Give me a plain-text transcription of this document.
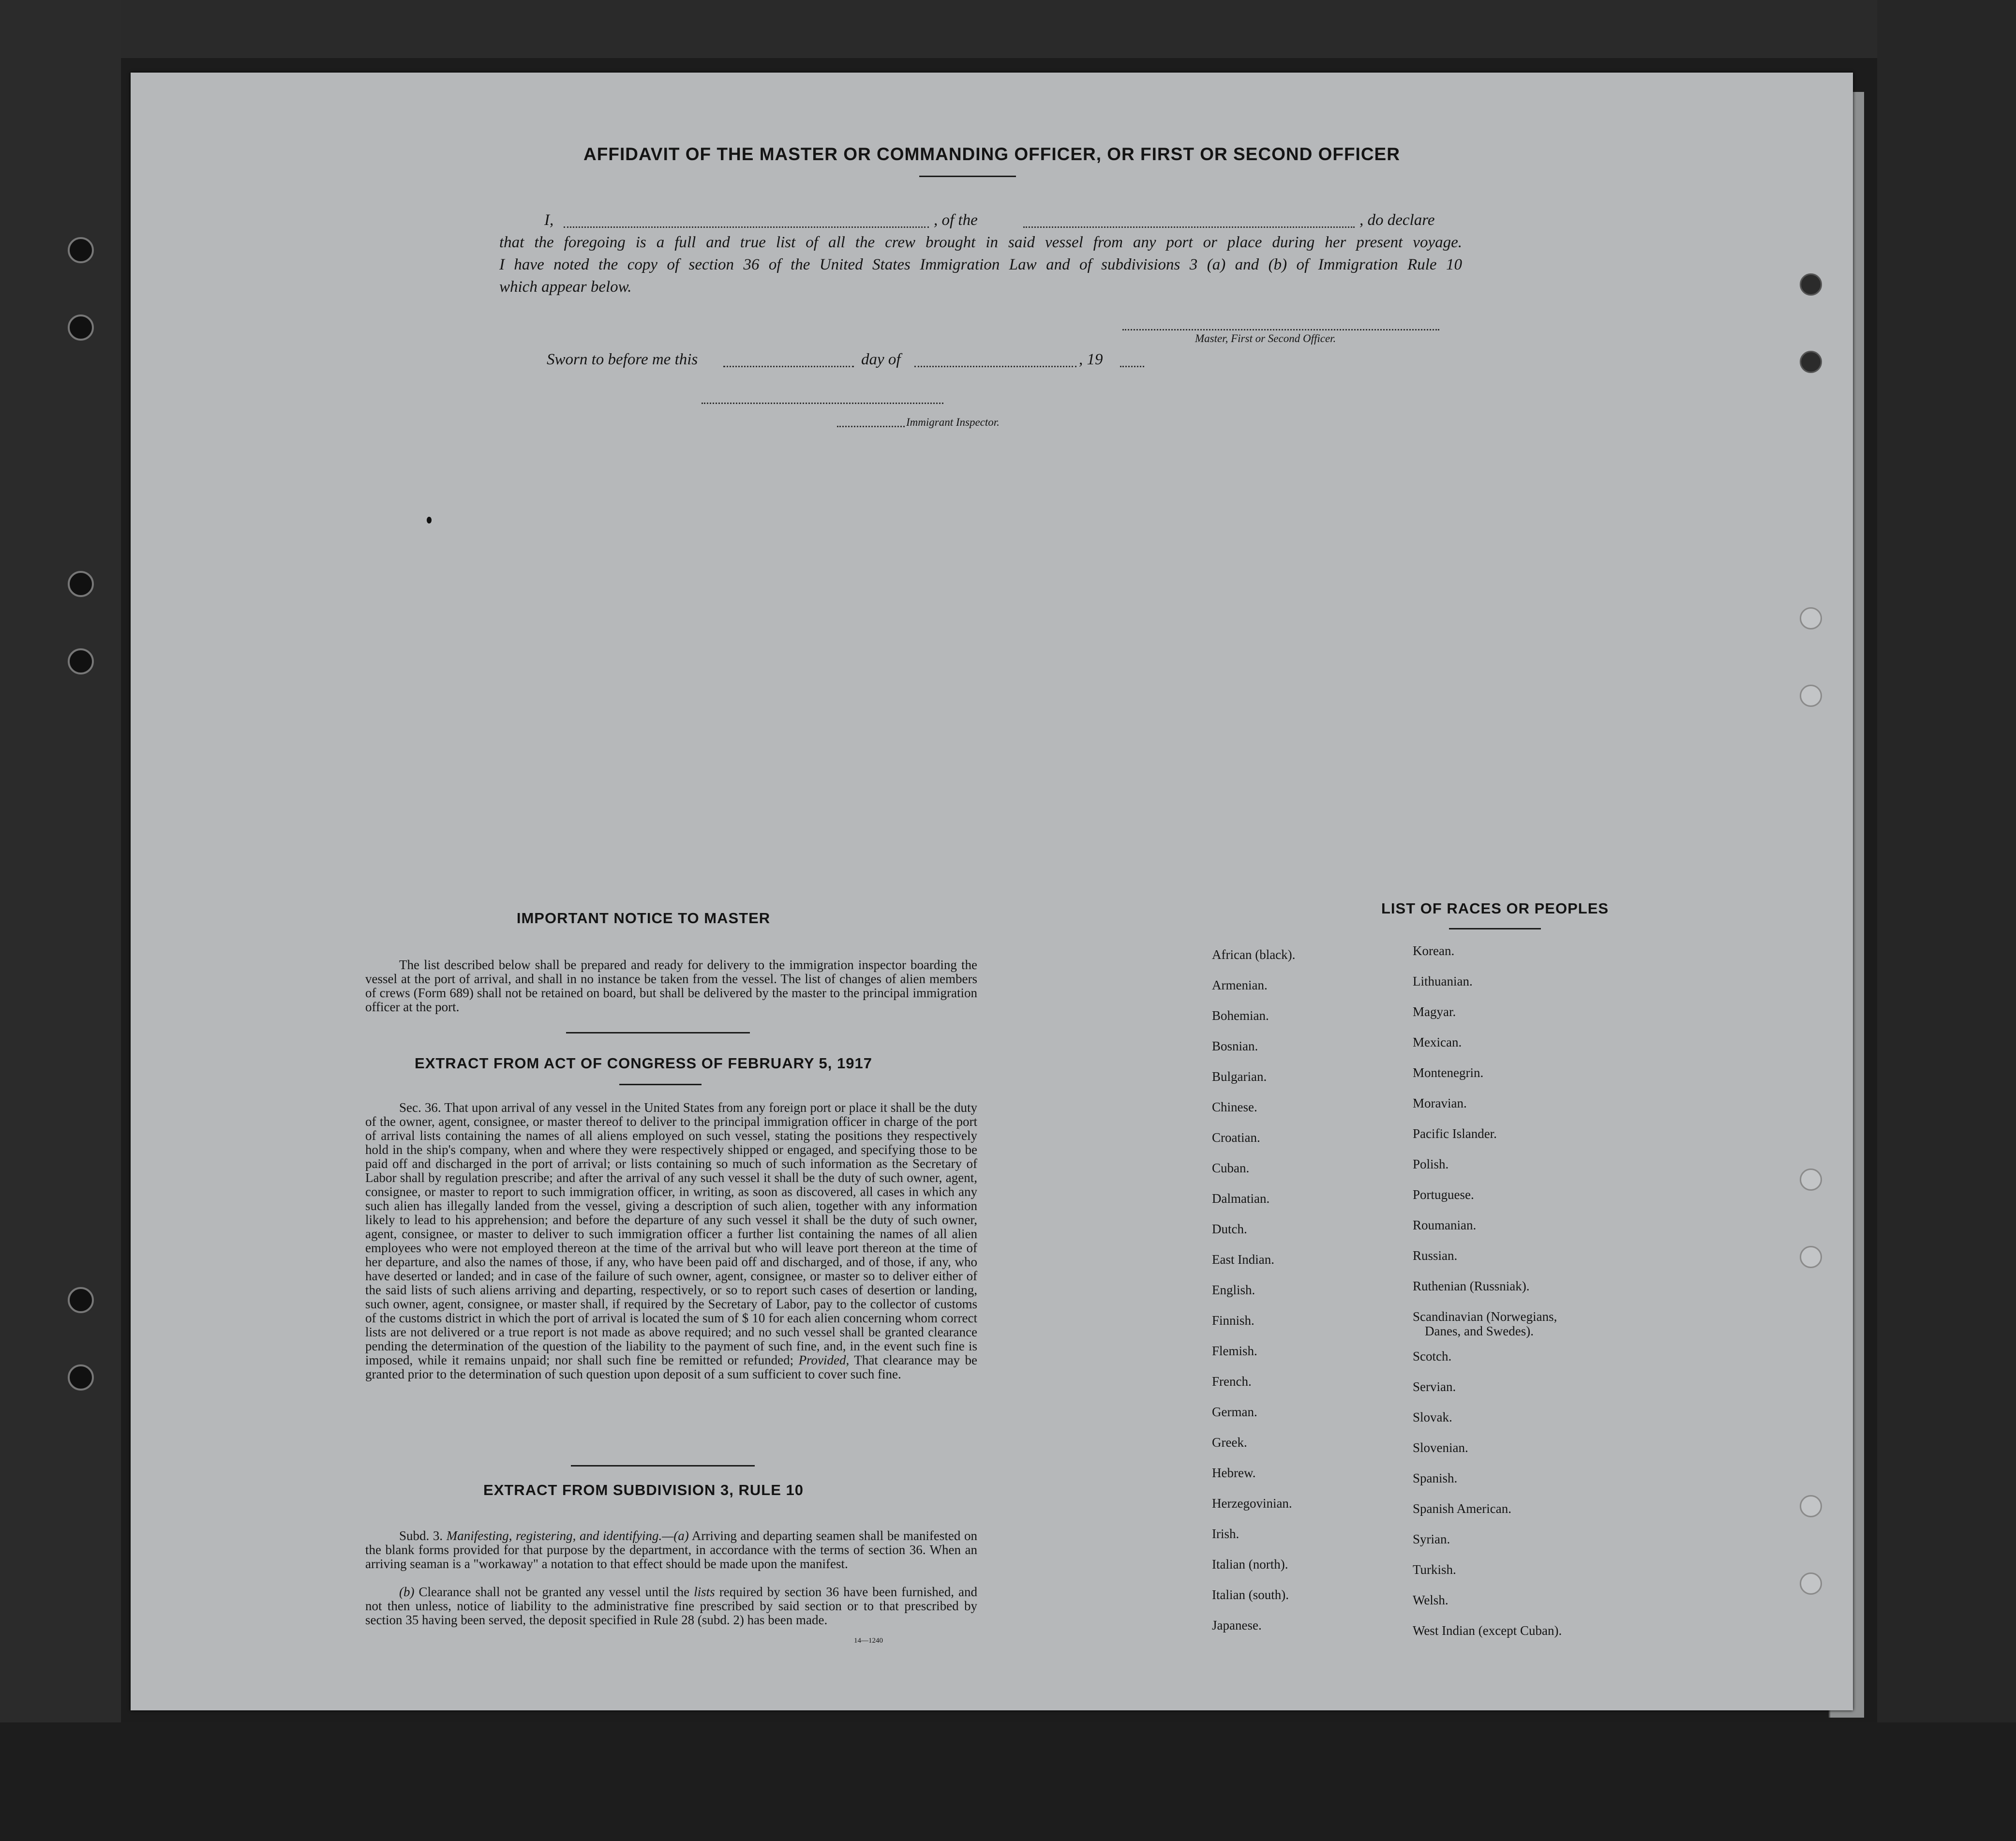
AFFIDAVIT OF THE MASTER OR COMMANDING OFFICER, OR FIRST OR SECOND OFFICER
I,	, of the	, do declare
that the foregoing is a full and true list of all the crew brought in said vessel from any port or place during her present voyage.
I have noted the copy of section 36 of the United States Immigration Law and of subdivisions 3 (a) and (b) of Immigration Rule 10
which appear below.
Master, First or Second Officer.
Sworn to before me this	day of	, 19
Immigrant Inspector.
IMPORTANT NOTICE TO MASTER
The list described below shall be prepared and ready for delivery to the immigration inspector boarding the vessel at the port of arrival, and shall in no instance be taken from the vessel. The list of changes of alien members of crews (Form 689) shall not be retained on board, but shall be delivered by the master to the principal immigration officer at the port.
EXTRACT FROM ACT OF CONGRESS OF FEBRUARY 5, 1917
Sec. 36. That upon arrival of any vessel in the United States from any foreign port or place it shall be the duty of the owner, agent, consignee, or master thereof to deliver to the principal immigration officer in charge of the port of arrival lists containing the names of all aliens employed on such vessel, stating the positions they respectively hold in the ship's company, when and where they were respectively shipped or engaged, and specifying those to be paid off and discharged in the port of arrival; or lists containing so much of such information as the Secretary of Labor shall by regulation prescribe; and after the arrival of any such vessel it shall be the duty of such owner, agent, consignee, or master to report to such immigration officer, in writing, as soon as discovered, all cases in which any such alien has illegally landed from the vessel, giving a description of such alien, together with any information likely to lead to his apprehension; and before the departure of any such vessel it shall be the duty of such owner, agent, consignee, or master to deliver to such immigration officer a further list containing the names of all alien employees who were not employed thereon at the time of the arrival but who will leave port thereon at the time of her departure, and also the names of those, if any, who have been paid off and discharged, and of those, if any, who have deserted or landed; and in case of the failure of such owner, agent, consignee, or master so to deliver either of the said lists of such aliens arriving and departing, respectively, or so to report such cases of desertion or landing, such owner, agent, consignee, or master shall, if required by the Secretary of Labor, pay to the collector of customs of the customs district in which the port of arrival is located the sum of $ 10 for each alien concerning whom correct lists are not delivered or a true report is not made as above required; and no such vessel shall be granted clearance pending the determination of the question of the liability to the payment of such fine, and, in the event such fine is imposed, while it remains unpaid; nor shall such fine be remitted or refunded; Provided, That clearance may be granted prior to the determination of such question upon deposit of a sum sufficient to cover such fine.
EXTRACT FROM SUBDIVISION 3, RULE 10
Subd. 3. Manifesting, registering, and identifying.—(a) Arriving and departing seamen shall be manifested on the blank forms provided for that purpose by the department, in accordance with the terms of section 36. When an arriving seaman is a "workaway" a notation to that effect should be made upon the manifest.
(b) Clearance shall not be granted any vessel until the lists required by section 36 have been furnished, and not then unless, notice of liability to the administrative fine prescribed by said section or to that prescribed by section 35 having been served, the deposit specified in Rule 28 (subd. 2) has been made.
14—1240
LIST OF RACES OR PEOPLES
African (black).
Armenian.
Bohemian.
Bosnian.
Bulgarian.
Chinese.
Croatian.
Cuban.
Dalmatian.
Dutch.
East Indian.
English.
Finnish.
Flemish.
French.
German.
Greek.
Hebrew.
Herzegovinian.
Irish.
Italian (north).
Italian (south).
Japanese.
Korean.
Lithuanian.
Magyar.
Mexican.
Montenegrin.
Moravian.
Pacific Islander.
Polish.
Portuguese.
Roumanian.
Russian.
Ruthenian (Russniak).
Scandinavian (Norwegians,
Danes, and Swedes).
Scotch.
Servian.
Slovak.
Slovenian.
Spanish.
Spanish American.
Syrian.
Turkish.
Welsh.
West Indian (except Cuban).
